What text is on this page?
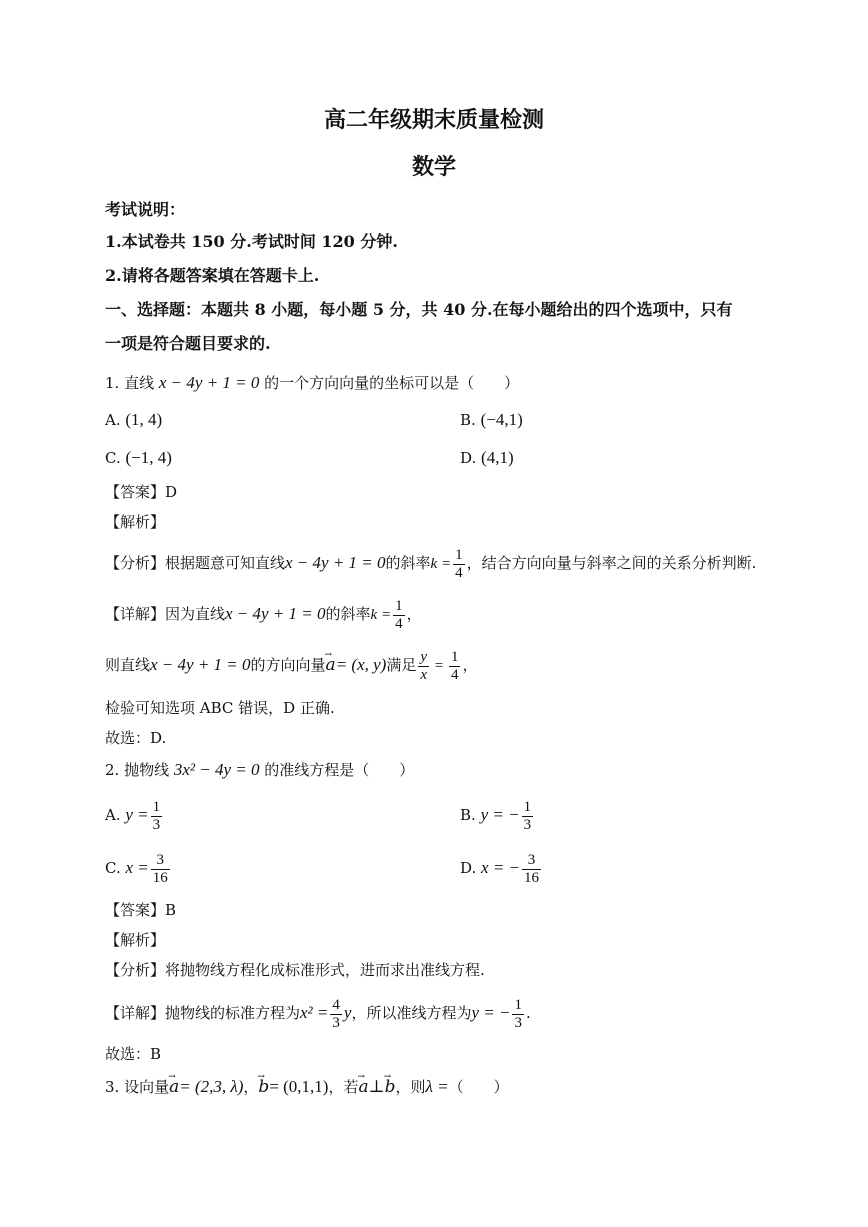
高二年级期末质量检测
数学
考试说明：
1.本试卷共 150 分.考试时间 120 分钟.
2.请将各题答案填在答题卡上.
一、选择题：本题共 8 小题，每小题 5 分，共 40 分.在每小题给出的四个选项中，只有
一项是符合题目要求的.
1. 直线 x − 4y + 1 = 0 的一个方向向量的坐标可以是（　　）
A. (1, 4)	B. (−4,1)
C. (−1, 4)	D. (4,1)
【答案】D
【解析】
【分析】根据题意可知直线x − 4y + 1 = 0的斜率$k = \frac{1}{4}$ ，结合方向向量与斜率之间的关系分析判断.
【详解】因为直线x − 4y + 1 = 0的斜率$k = \frac{1}{4}$ ，
则直线x − 4y + 1 = 0的方向向量→ a= (x, y)满足 $\frac{y}{x} = \frac{1}{4}$ ，
检验可知选项 ABC 错误，D 正确.
故选：D.
2. 抛物线 3x² − 4y = 0 的准线方程是（　　）
A. $y = \frac{1}{3}$	B. y = − $\frac{1}{3}$
C. $x = \frac{3}{16}$	D. x = − $\frac{3}{16}$
【答案】B
【解析】
【分析】将抛物线方程化成标准形式，进而求出准线方程.
【详解】抛物线的标准方程为$x^2 = \frac{4}{3}$ y，所以准线方程为y = − $\frac{1}{3}$ .
故选：B
3. 设向量→ a= (2,3, λ)，→ b= (0,1,1)，若→ a⊥→ b，则λ =（　　）
